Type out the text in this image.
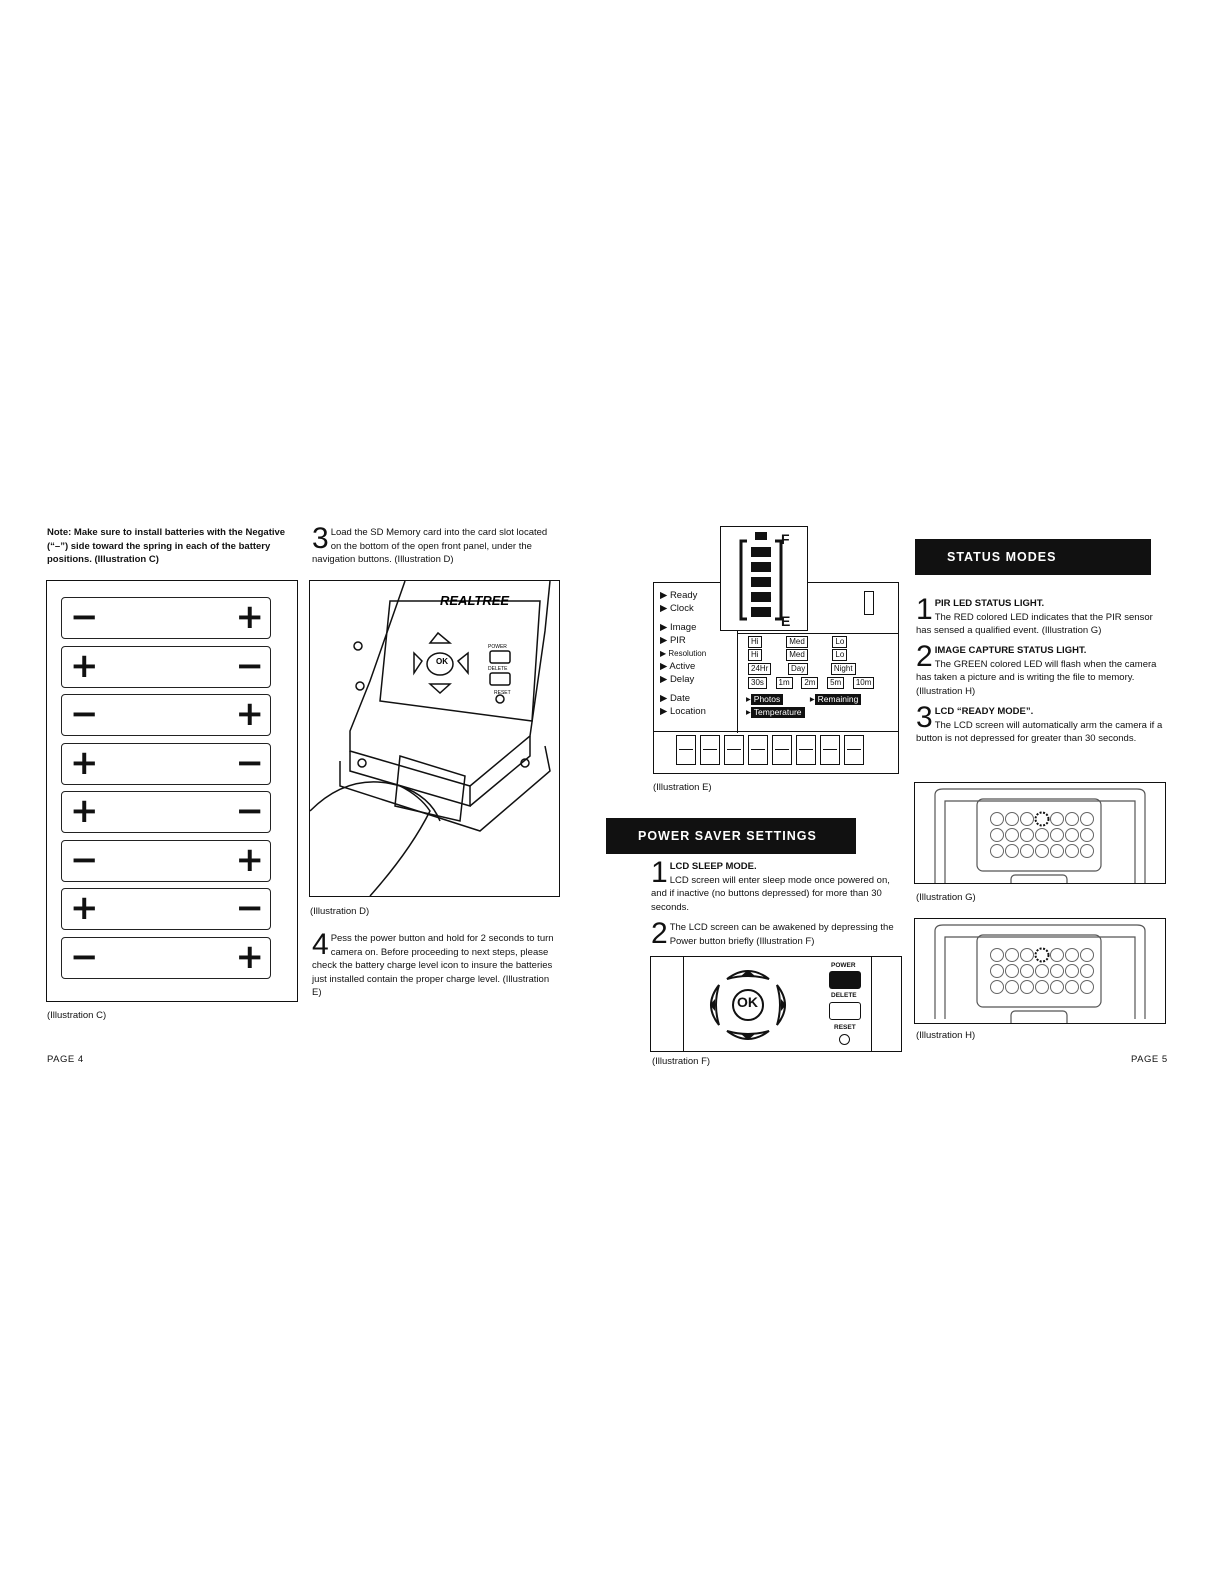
Note: Make sure to install batteries with the Negative (“–”) side toward the spring in each of the battery positions. (Illustration C)
−	+
+	−
−	+
+	−
+	−
−	+
+	−
−	+
(Illustration C)
3 Load the SD Memory card into the card slot located on the bottom of the open front panel, under the navigation buttons. (Illustration D)
REALTREE
OK
POWER
DELETE
RESET
(Illustration D)
4 Pess the power button and hold for 2 seconds to turn camera on. Before proceeding to next steps, please check the battery charge level icon to insure the batteries just installed contain the proper charge level. (Illustration E)
PAGE 4
▶ Ready
▶ Clock
▶ Image
▶ PIR
▶ Resolution
▶ Active
▶ Delay
▶ Date
▶ Location
Hi	Med	Lo
Hi	Med	Lo
24Hr	Day	Night
30s 1m 2m 5m 10m
▸ Photos	▸ Remaining
▸ Temperature
F
E
(Illustration E)
POWER SAVER SETTINGS
1 LCD SLEEP MODE.
LCD screen will enter sleep mode once powered on, and if inactive (no buttons depressed) for more than 30 seconds.
2 The LCD screen can be awakened by depressing the Power button briefly (Illustration F)
OK
POWER
DELETE
RESET
(Illustration F)
STATUS MODES
1 PIR LED STATUS LIGHT.
The RED colored LED indicates that the PIR sensor has sensed a qualified event. (Illustration G)
2 IMAGE CAPTURE STATUS LIGHT.
The GREEN colored LED will flash when the camera has taken a picture and is writing the file to memory. (Illustration H)
3 LCD “READY MODE”.
The LCD screen will automatically arm the camera if a button is not depressed for greater than 30 seconds.
(Illustration G)
(Illustration H)
PAGE 5
